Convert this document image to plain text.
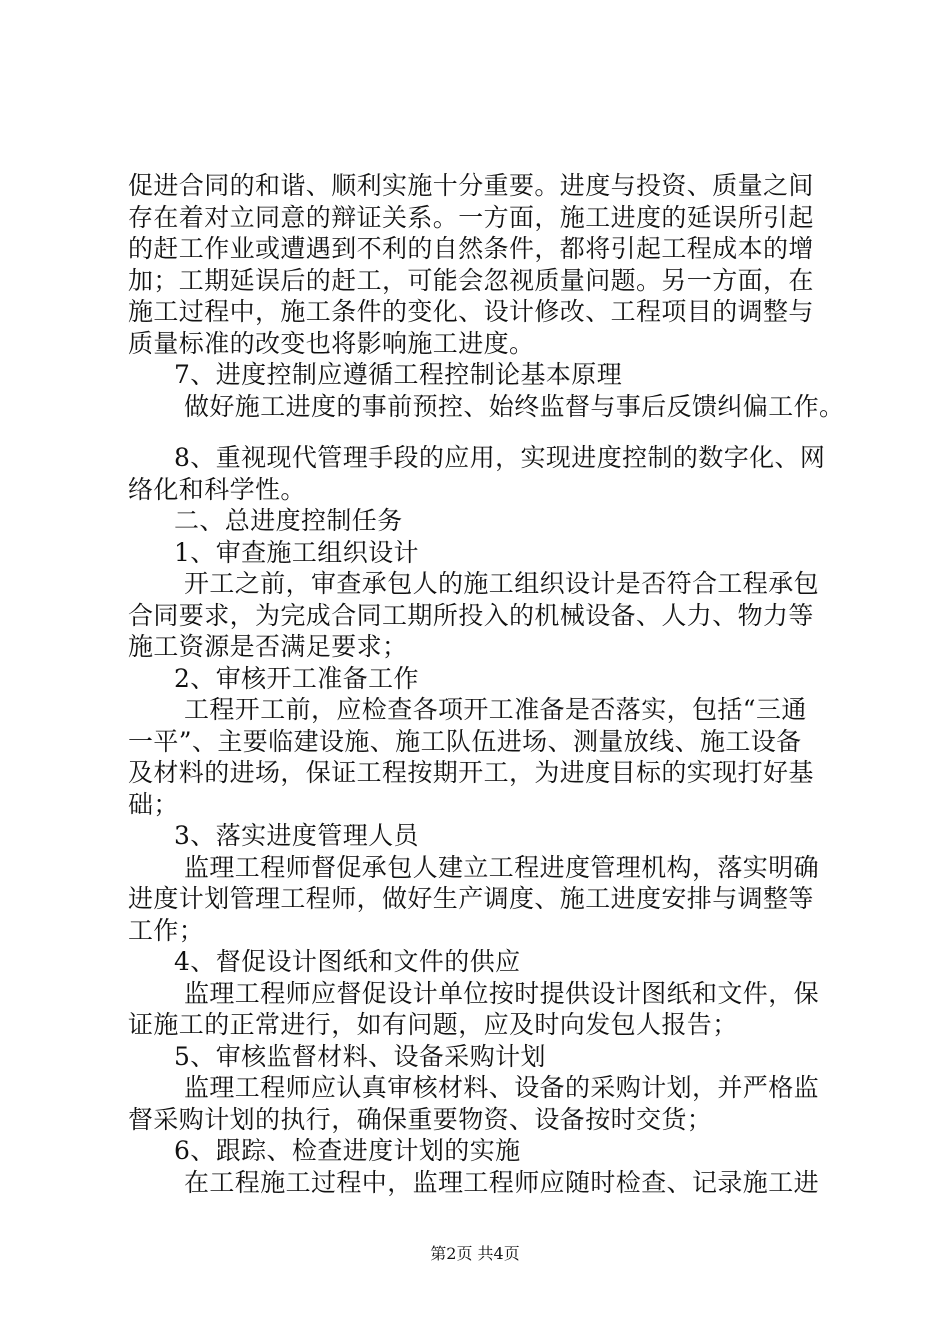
促进合同的和谐、顺利实施十分重要。进度与投资、质量之间

存在着对立同意的辩证关系。一方面，施工进度的延误所引起

的赶工作业或遭遇到不利的自然条件，都将引起工程成本的增

加；工期延误后的赶工，可能会忽视质量问题。另一方面，在

施工过程中，施工条件的变化、设计修改、工程项目的调整与

质量标准的改变也将影响施工进度。

7、进度控制应遵循工程控制论基本原理

做好施工进度的事前预控、始终监督与事后反馈纠偏工作。

8、重视现代管理手段的应用，实现进度控制的数字化、网

络化和科学性。

二、总进度控制任务

1、审查施工组织设计

开工之前，审查承包人的施工组织设计是否符合工程承包

合同要求，为完成合同工期所投入的机械设备、人力、物力等

施工资源是否满足要求；

2、审核开工准备工作

工程开工前，应检查各项开工准备是否落实，包括“三通

一平”、主要临建设施、施工队伍进场、测量放线、施工设备

及材料的进场，保证工程按期开工，为进度目标的实现打好基

础；

3、落实进度管理人员

监理工程师督促承包人建立工程进度管理机构，落实明确

进度计划管理工程师，做好生产调度、施工进度安排与调整等

工作；

4、督促设计图纸和文件的供应

监理工程师应督促设计单位按时提供设计图纸和文件，保

证施工的正常进行，如有问题，应及时向发包人报告；

5、审核监督材料、设备采购计划

监理工程师应认真审核材料、设备的采购计划，并严格监

督采购计划的执行，确保重要物资、设备按时交货；

6、跟踪、检查进度计划的实施

在工程施工过程中，监理工程师应随时检查、记录施工进

第2页 共4页
